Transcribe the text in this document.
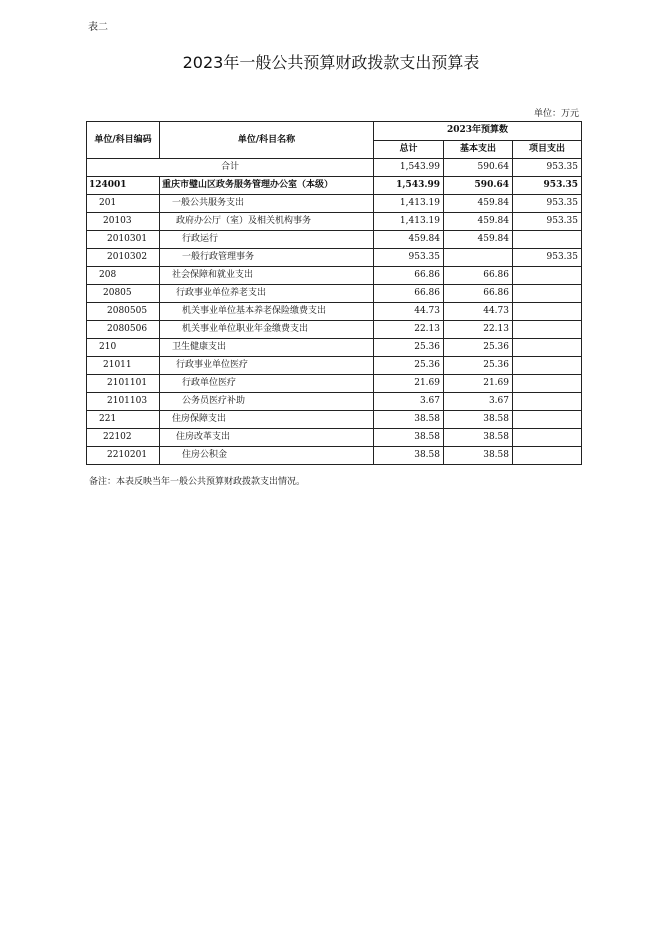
表二
2023年一般公共预算财政拨款支出预算表
单位：万元
单位/科目编码	单位/科目名称	2023年预算数		
		总计	基本支出	项目支出
合计		1,543.99	590.64	953.35
124001	重庆市璧山区政务服务管理办公室（本级）	1,543.99	590.64	953.35
201	一般公共服务支出	1,413.19	459.84	953.35
20103	政府办公厅（室）及相关机构事务	1,413.19	459.84	953.35
2010301	行政运行	459.84	459.84	
2010302	一般行政管理事务	953.35		953.35
208	社会保障和就业支出	66.86	66.86	
20805	行政事业单位养老支出	66.86	66.86	
2080505	机关事业单位基本养老保险缴费支出	44.73	44.73	
2080506	机关事业单位职业年金缴费支出	22.13	22.13	
210	卫生健康支出	25.36	25.36	
21011	行政事业单位医疗	25.36	25.36	
2101101	行政单位医疗	21.69	21.69	
2101103	公务员医疗补助	3.67	3.67	
221	住房保障支出	38.58	38.58	
22102	住房改革支出	38.58	38.58	
2210201	住房公积金	38.58	38.58	
备注：本表反映当年一般公共预算财政拨款支出情况。
